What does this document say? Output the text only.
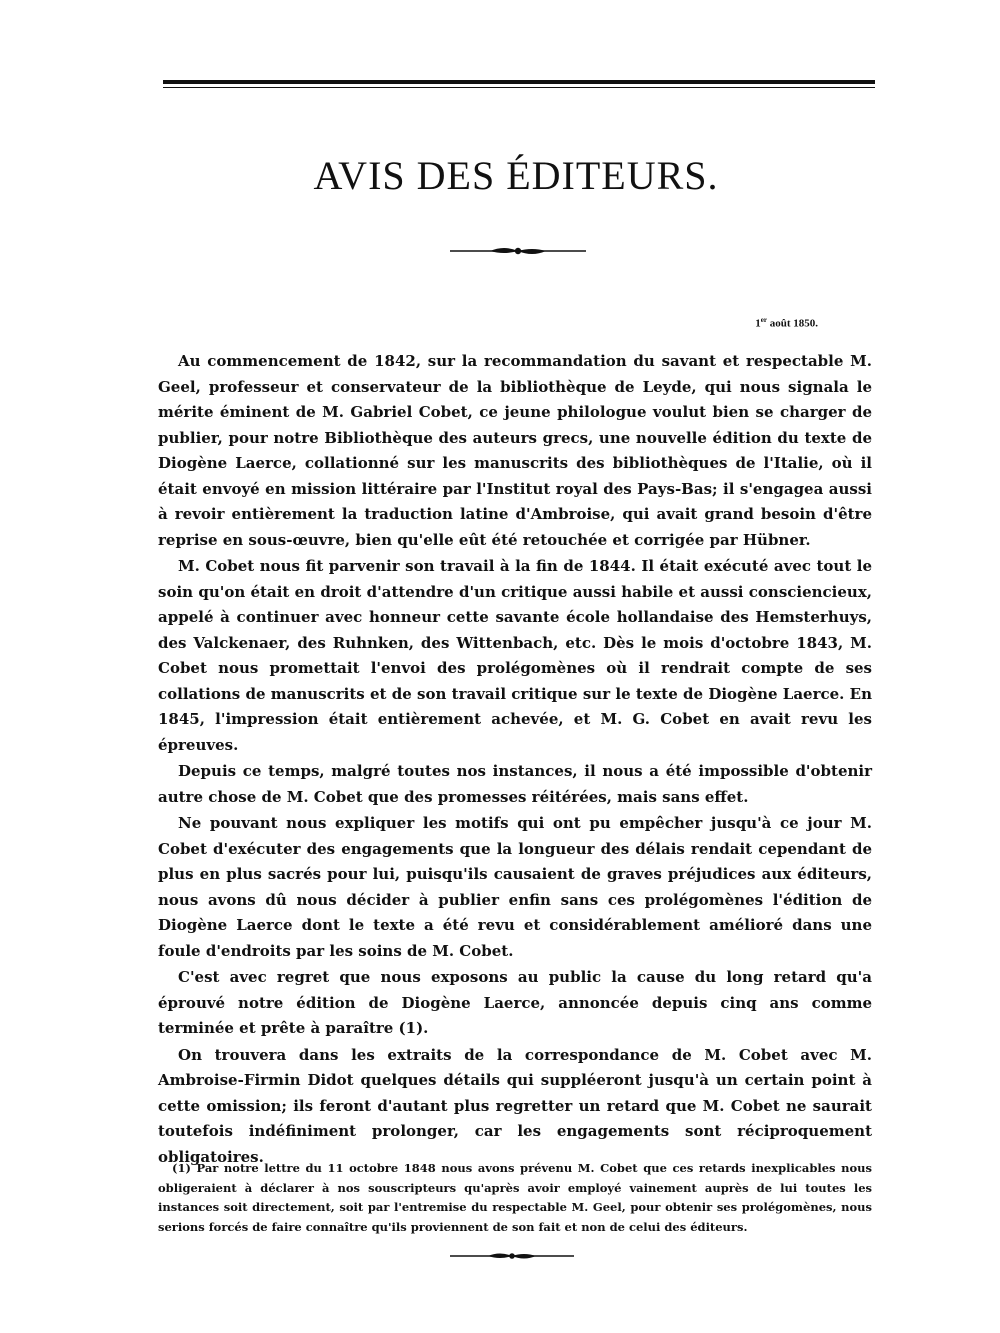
AVIS DES ÉDITEURS.
1er août 1850.

Au commencement de 1842, sur la recommandation du savant et respectable M. Geel, professeur et conservateur de la bibliothèque de Leyde, qui nous signala le mérite éminent de M. Gabriel Cobet, ce jeune philologue voulut bien se charger de publier, pour notre Bibliothèque des auteurs grecs, une nouvelle édition du texte de Diogène Laerce, collationné sur les manuscrits des bibliothèques de l'Italie, où il était envoyé en mission littéraire par l'Institut royal des Pays-Bas; il s'engagea aussi à revoir entièrement la traduction latine d'Ambroise, qui avait grand besoin d'être reprise en sous-œuvre, bien qu'elle eût été retouchée et corrigée par Hübner.

M. Cobet nous fit parvenir son travail à la fin de 1844. Il était exécuté avec tout le soin qu'on était en droit d'attendre d'un critique aussi habile et aussi consciencieux, appelé à continuer avec honneur cette savante école hollandaise des Hemsterhuys, des Valckenaer, des Ruhnken, des Wittenbach, etc. Dès le mois d'octobre 1843, M. Cobet nous promettait l'envoi des prolégomènes où il rendrait compte de ses collations de manuscrits et de son travail critique sur le texte de Diogène Laerce. En 1845, l'impression était entièrement achevée, et M. G. Cobet en avait revu les épreuves.

Depuis ce temps, malgré toutes nos instances, il nous a été impossible d'obtenir autre chose de M. Cobet que des promesses réitérées, mais sans effet.

Ne pouvant nous expliquer les motifs qui ont pu empêcher jusqu'à ce jour M. Cobet d'exécuter des engagements que la longueur des délais rendait cependant de plus en plus sacrés pour lui, puisqu'ils causaient de graves préjudices aux éditeurs, nous avons dû nous décider à publier enfin sans ces prolégomènes l'édition de Diogène Laerce dont le texte a été revu et considérablement amélioré dans une foule d'endroits par les soins de M. Cobet.

C'est avec regret que nous exposons au public la cause du long retard qu'a éprouvé notre édition de Diogène Laerce, annoncée depuis cinq ans comme terminée et prête à paraître (1).

On trouvera dans les extraits de la correspondance de M. Cobet avec M. Ambroise-Firmin Didot quelques détails qui suppléeront jusqu'à un certain point à cette omission; ils feront d'autant plus regretter un retard que M. Cobet ne saurait toutefois indéfiniment prolonger, car les engagements sont réciproquement obligatoires.

(1) Par notre lettre du 11 octobre 1848 nous avons prévenu M. Cobet que ces retards inexplicables nous obligeraient à déclarer à nos souscripteurs qu'après avoir employé vainement auprès de lui toutes les instances soit directement, soit par l'entremise du respectable M. Geel, pour obtenir ses prolégomènes, nous serions forcés de faire connaître qu'ils proviennent de son fait et non de celui des éditeurs.
